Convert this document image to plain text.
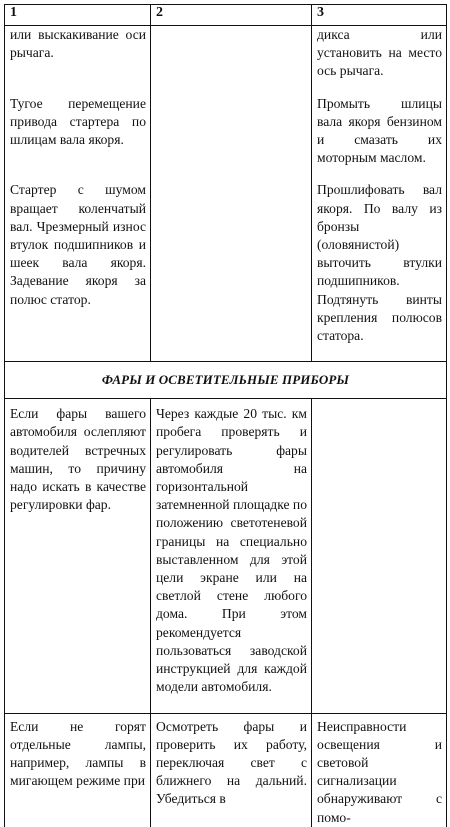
1	2	3

или выскакивание оси рычага.		дикса или установить на место ось рычага.

Тугое перемещение привода стартера по шлицам вала якоря.		Промыть шлицы вала якоря бензином и смазать их моторным маслом.

Стартер с шумом вращает коленчатый вал. Чрезмерный износ втулок подшипников и шеек вала якоря. Задевание якоря за полюс статор.		Прошлифовать вал якоря. По валу из бронзы (оловянистой) выточить втулки подшипников. Подтянуть винты крепления полюсов статора.

ФАРЫ И ОСВЕТИТЕЛЬНЫЕ ПРИБОРЫ		

Если фары вашего автомобиля ослепляют водителей встречных машин, то причину надо искать в качестве регулировки фар.	Через каждые 20 тыс. км пробега проверять и регулировать фары автомобиля на горизонтальной затемненной площадке по положению светотеневой границы на специально выставленном для этой цели экране или на светлой стене любого дома. При этом рекомендуется пользоваться заводской инструкцией для каждой модели автомобиля.	

Если не горят отдельные лампы, например, лампы в мигающем режиме при	Осмотреть фары и проверить их работу, переключая свет с ближнего на дальний. Убедиться в	Неисправности освещения и световой сигнализации обнаруживают с помо-
